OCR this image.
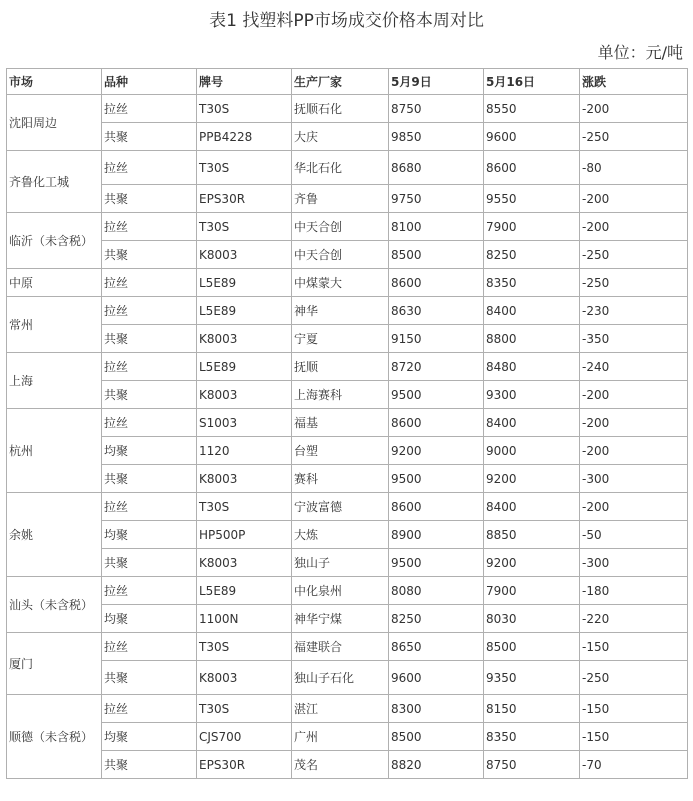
表1 找塑料PP市场成交价格本周对比
单位：元/吨
市场	品种	牌号	生产厂家	5月9日	5月16日	涨跌
沈阳周边	拉丝	T30S	抚顺石化	8750	8550	-200
	共聚	PPB4228	大庆	9850	9600	-250
齐鲁化工城	拉丝	T30S	华北石化	8680	8600	-80
	共聚	EPS30R	齐鲁	9750	9550	-200
临沂（未含税）	拉丝	T30S	中天合创	8100	7900	-200
	共聚	K8003	中天合创	8500	8250	-250
中原	拉丝	L5E89	中煤蒙大	8600	8350	-250
常州	拉丝	L5E89	神华	8630	8400	-230
	共聚	K8003	宁夏	9150	8800	-350
上海	拉丝	L5E89	抚顺	8720	8480	-240
	共聚	K8003	上海赛科	9500	9300	-200
杭州	拉丝	S1003	福基	8600	8400	-200
	均聚	1120	台塑	9200	9000	-200
	共聚	K8003	赛科	9500	9200	-300
余姚	拉丝	T30S	宁波富德	8600	8400	-200
	均聚	HP500P	大炼	8900	8850	-50
	共聚	K8003	独山子	9500	9200	-300
汕头（未含税）	拉丝	L5E89	中化泉州	8080	7900	-180
	均聚	1100N	神华宁煤	8250	8030	-220
厦门	拉丝	T30S	福建联合	8650	8500	-150
	共聚	K8003	独山子石化	9600	9350	-250
顺德（未含税）	拉丝	T30S	湛江	8300	8150	-150
	均聚	CJS700	广州	8500	8350	-150
	共聚	EPS30R	茂名	8820	8750	-70
